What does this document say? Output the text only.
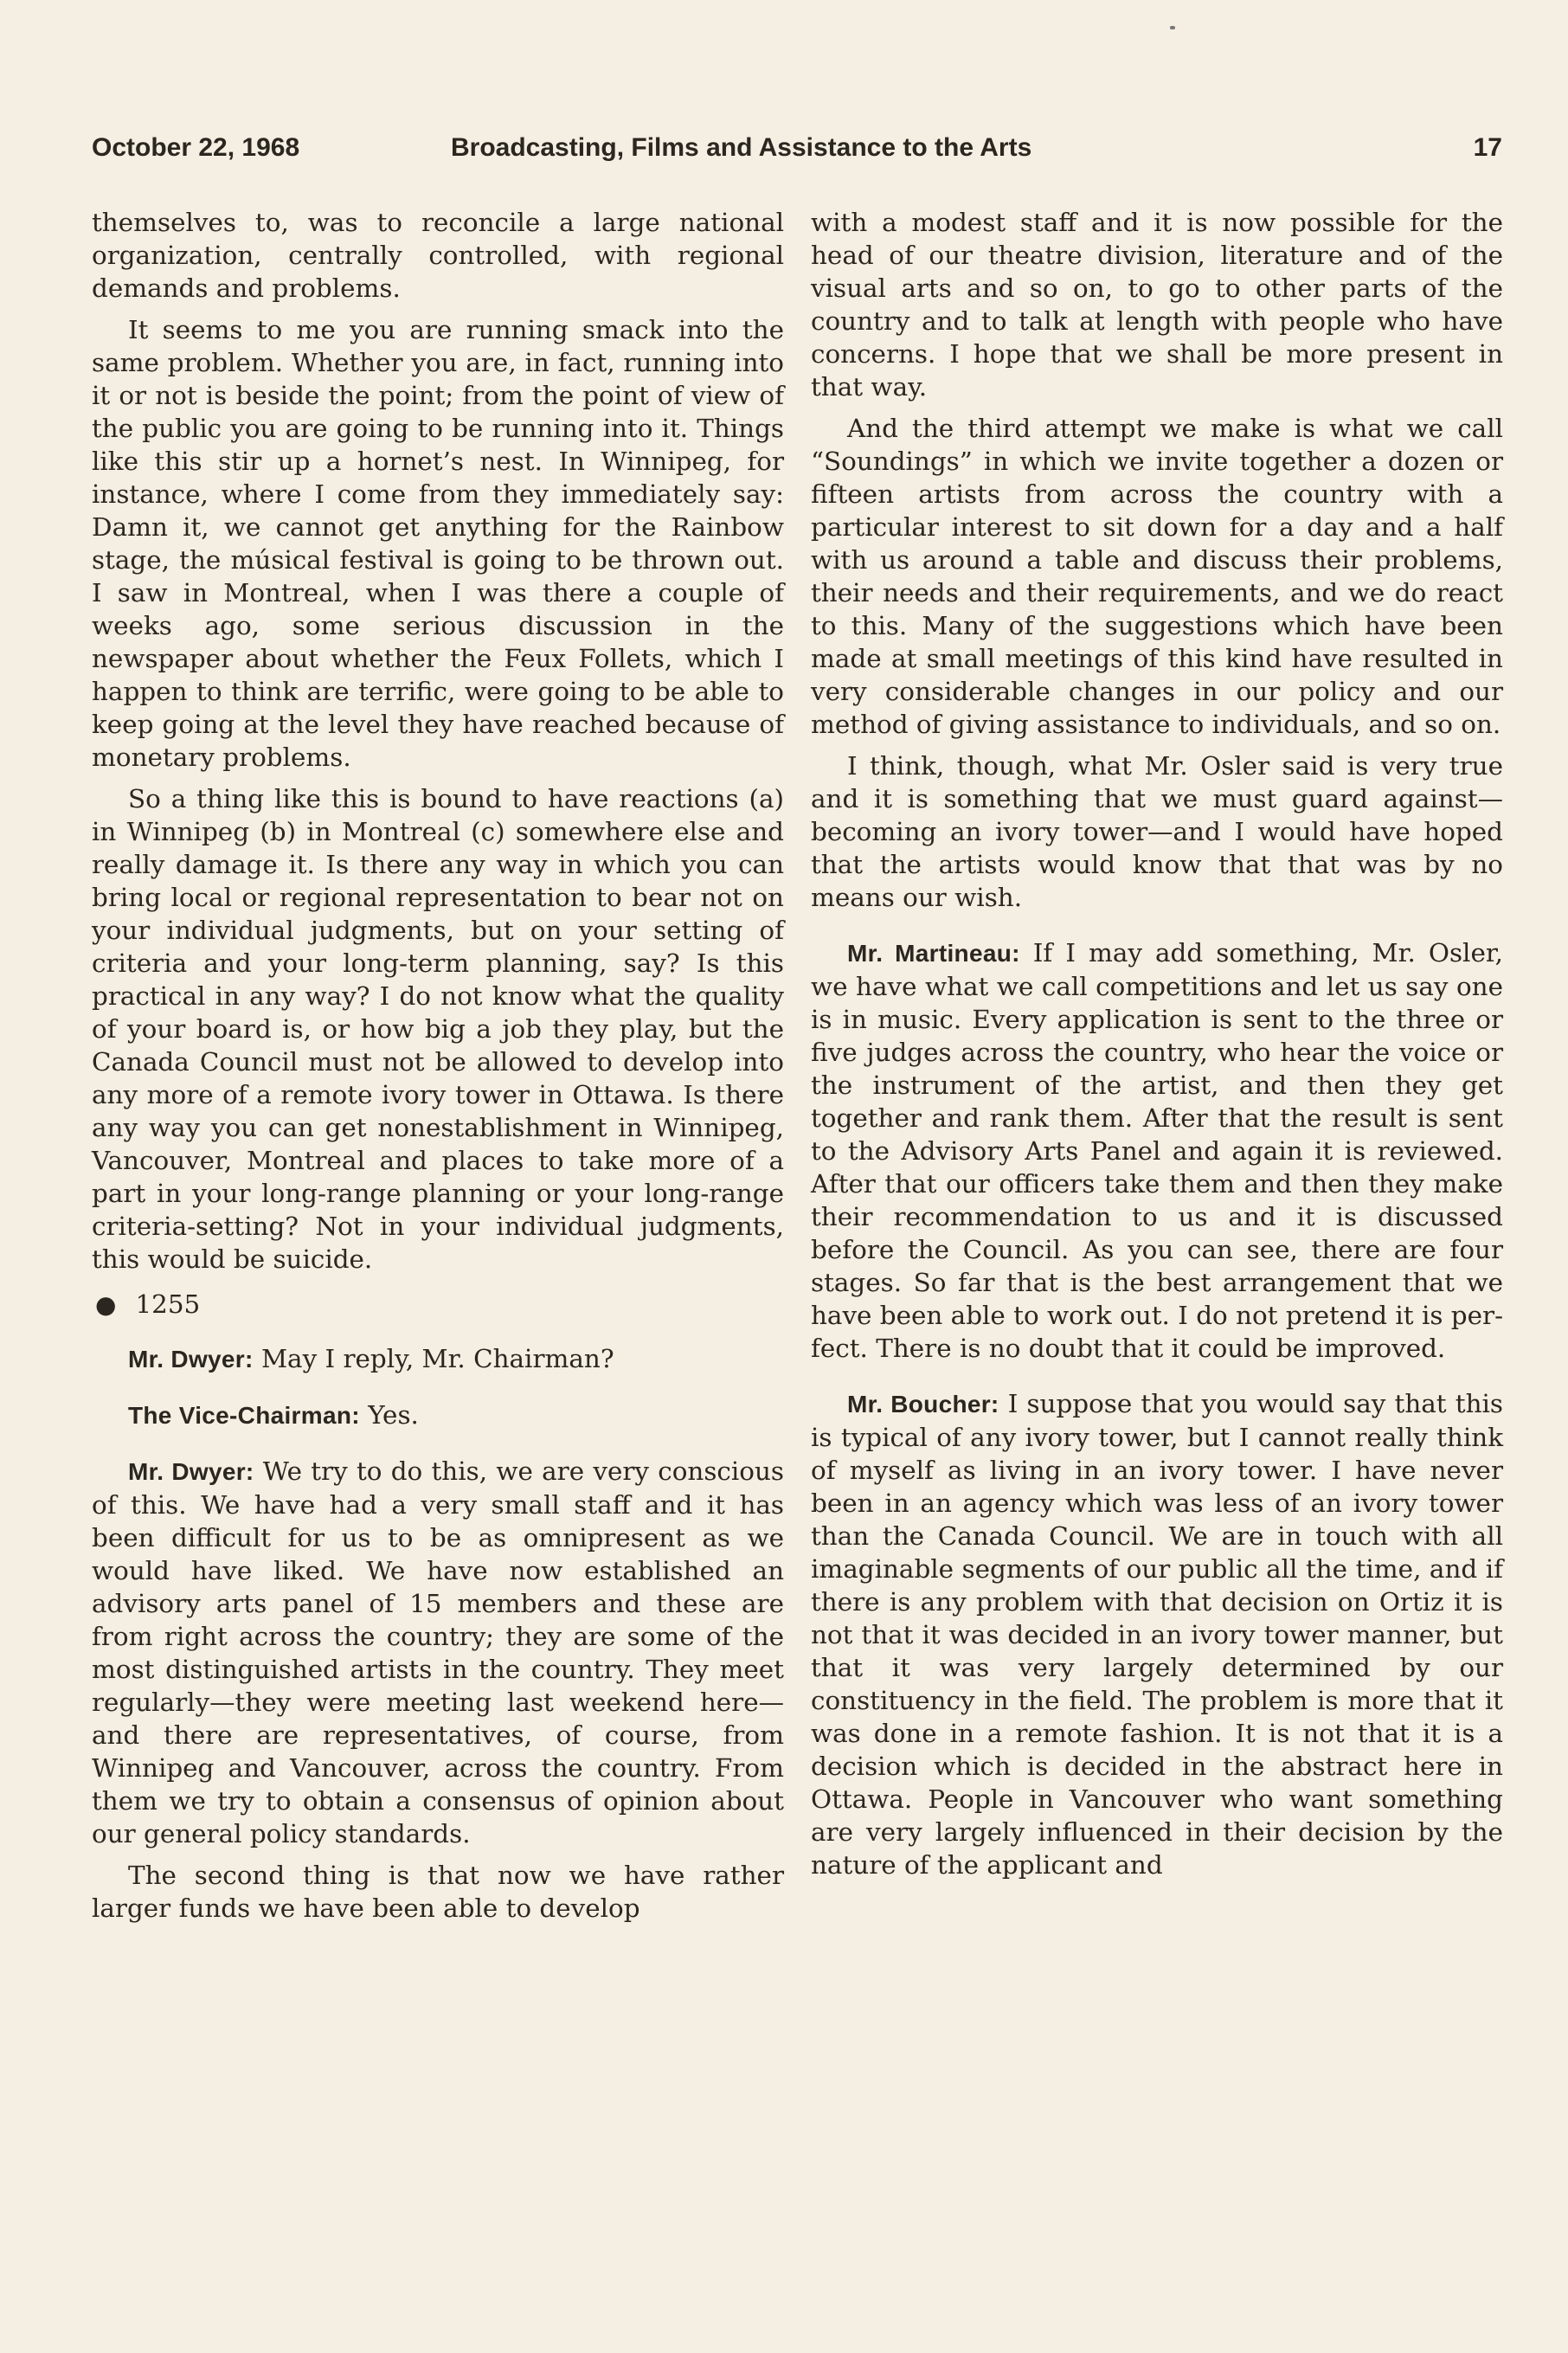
October 22, 1968	Broadcasting, Films and Assistance to the Arts	17

themselves to, was to reconcile a large national organization, centrally controlled, with regional demands and problems.

It seems to me you are running smack into the same problem. Whether you are, in fact, running into it or not is beside the point; from the point of view of the public you are going to be running into it. Things like this stir up a hornet’s nest. In Winnipeg, for instance, where I come from they immediately say: Damn it, we cannot get anything for the Rainbow stage, the músical festival is going to be thrown out. I saw in Montreal, when I was there a couple of weeks ago, some serious discussion in the newspaper about whether the Feux Follets, which I happen to think are terrific, were going to be able to keep going at the level they have reached because of monetary problems.

So a thing like this is bound to have reactions (a) in Winnipeg (b) in Montreal (c) somewhere else and really damage it. Is there any way in which you can bring local or regional representation to bear not on your individual judgments, but on your setting of criteria and your long-term planning, say? Is this practical in any way? I do not know what the quality of your board is, or how big a job they play, but the Canada Council must not be allowed to develop into any more of a remote ivory tower in Ottawa. Is there any way you can get nonestablishment in Winnipeg, Vancouver, Montreal and places to take more of a part in your long-range planning or your long-range criteria-setting? Not in your individual judgments, this would be suicide.

● 1255

Mr. Dwyer: May I reply, Mr. Chairman?

The Vice-Chairman: Yes.

Mr. Dwyer: We try to do this, we are very conscious of this. We have had a very small staff and it has been difficult for us to be as omnipresent as we would have liked. We have now established an advisory arts panel of 15 members and these are from right across the country; they are some of the most distinguished artists in the country. They meet regularly—they were meeting last weekend here—and there are representatives, of course, from Winnipeg and Vancouver, across the country. From them we try to obtain a consensus of opinion about our general policy standards.

The second thing is that now we have rather larger funds we have been able to develop

with a modest staff and it is now possible for the head of our theatre division, literature and of the visual arts and so on, to go to other parts of the country and to talk at length with people who have concerns. I hope that we shall be more present in that way.

And the third attempt we make is what we call “Soundings” in which we invite together a dozen or fifteen artists from across the country with a particular interest to sit down for a day and a half with us around a table and discuss their problems, their needs and their requirements, and we do react to this. Many of the suggestions which have been made at small meetings of this kind have resulted in very considerable changes in our policy and our method of giving assistance to individuals, and so on.

I think, though, what Mr. Osler said is very true and it is something that we must guard against—becoming an ivory tower—and I would have hoped that the artists would know that that was by no means our wish.

Mr. Martineau: If I may add something, Mr. Osler, we have what we call competitions and let us say one is in music. Every application is sent to the three or five judges across the country, who hear the voice or the instrument of the artist, and then they get together and rank them. After that the result is sent to the Advisory Arts Panel and again it is reviewed. After that our officers take them and then they make their recommendation to us and it is discussed before the Council. As you can see, there are four stages. So far that is the best arrangement that we have been able to work out. I do not pretend it is perfect. There is no doubt that it could be improved.

Mr. Boucher: I suppose that you would say that this is typical of any ivory tower, but I cannot really think of myself as living in an ivory tower. I have never been in an agency which was less of an ivory tower than the Canada Council. We are in touch with all imaginable segments of our public all the time, and if there is any problem with that decision on Ortiz it is not that it was decided in an ivory tower manner, but that it was very largely determined by our constituency in the field. The problem is more that it was done in a remote fashion. It is not that it is a decision which is decided in the abstract here in Ottawa. People in Vancouver who want something are very largely influenced in their decision by the nature of the applicant and
